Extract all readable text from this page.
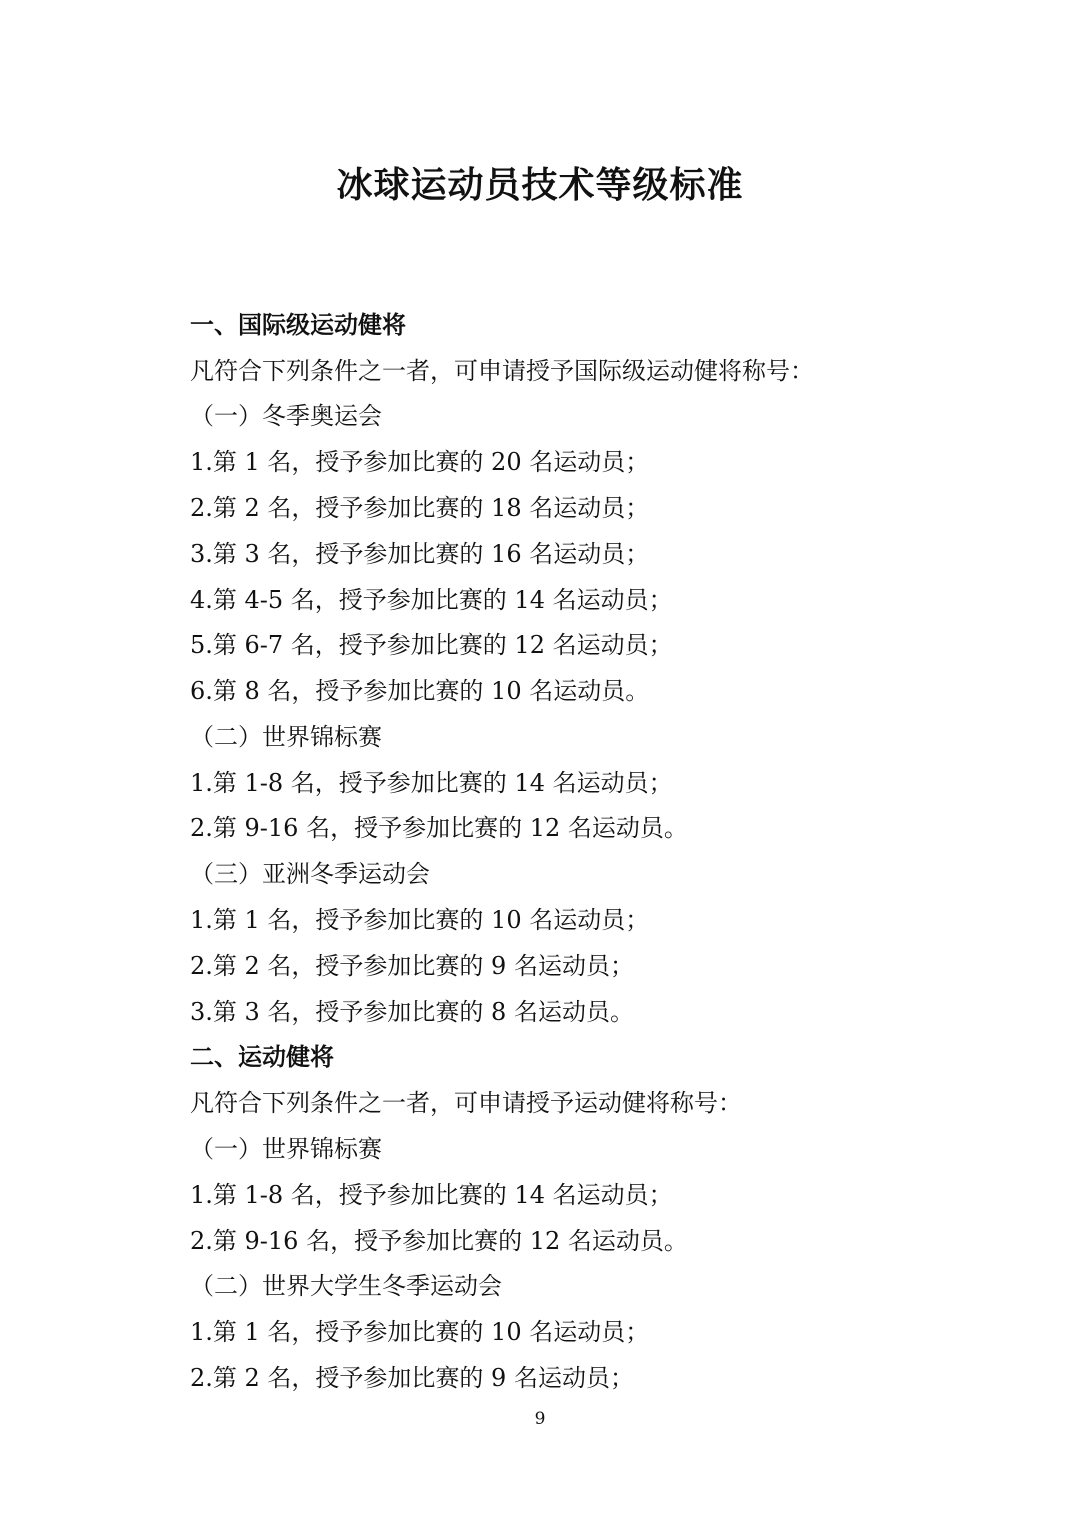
冰球运动员技术等级标准
一、国际级运动健将
凡符合下列条件之一者，可申请授予国际级运动健将称号：
（一）冬季奥运会
1.第 1 名，授予参加比赛的 20 名运动员；
2.第 2 名，授予参加比赛的 18 名运动员；
3.第 3 名，授予参加比赛的 16 名运动员；
4.第 4-5 名，授予参加比赛的 14 名运动员；
5.第 6-7 名，授予参加比赛的 12 名运动员；
6.第 8 名，授予参加比赛的 10 名运动员。
（二）世界锦标赛
1.第 1-8 名，授予参加比赛的 14 名运动员；
2.第 9-16 名，授予参加比赛的 12 名运动员。
（三）亚洲冬季运动会
1.第 1 名，授予参加比赛的 10 名运动员；
2.第 2 名，授予参加比赛的 9 名运动员；
3.第 3 名，授予参加比赛的 8 名运动员。
二、运动健将
凡符合下列条件之一者，可申请授予运动健将称号：
（一）世界锦标赛
1.第 1-8 名，授予参加比赛的 14 名运动员；
2.第 9-16 名，授予参加比赛的 12 名运动员。
（二）世界大学生冬季运动会
1.第 1 名，授予参加比赛的 10 名运动员；
2.第 2 名，授予参加比赛的 9 名运动员；
9
